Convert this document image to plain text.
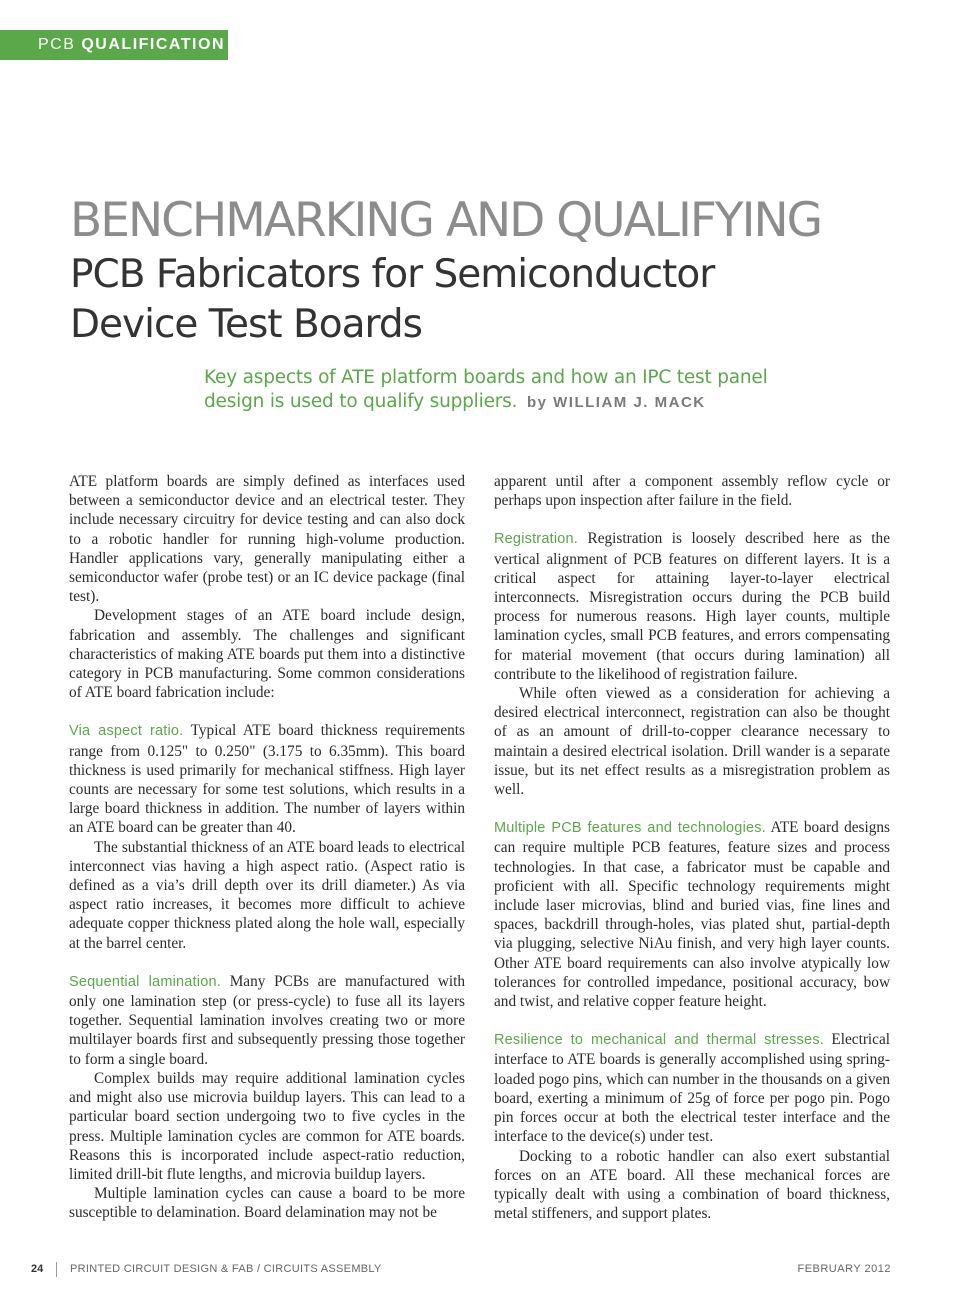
PCB QUALIFICATION
BENCHMARKING AND QUALIFYING
PCB Fabricators for Semiconductor Device Test Boards
Key aspects of ATE platform boards and how an IPC test panel design is used to qualify suppliers. by WILLIAM J. MACK

ATE platform boards are simply defined as interfaces used between a semiconductor device and an electrical tester. They include necessary circuitry for device testing and can also dock to a robotic handler for running high-volume production. Handler applications vary, generally manipulating either a semiconductor wafer (probe test) or an IC device package (final test).

Development stages of an ATE board include design, fabrication and assembly. The challenges and significant characteristics of making ATE boards put them into a distinctive category in PCB manufacturing. Some common considerations of ATE board fabrication include:

Via aspect ratio. Typical ATE board thickness requirements range from 0.125" to 0.250" (3.175 to 6.35mm). This board thickness is used primarily for mechanical stiffness. High layer counts are necessary for some test solutions, which results in a large board thickness in addition. The number of layers within an ATE board can be greater than 40.

The substantial thickness of an ATE board leads to electrical interconnect vias having a high aspect ratio. (Aspect ratio is defined as a via’s drill depth over its drill diameter.) As via aspect ratio increases, it becomes more difficult to achieve adequate copper thickness plated along the hole wall, especially at the barrel center.

Sequential lamination. Many PCBs are manufactured with only one lamination step (or press-cycle) to fuse all its layers together. Sequential lamination involves creating two or more multilayer boards first and subsequently pressing those together to form a single board.

Complex builds may require additional lamination cycles and might also use microvia buildup layers. This can lead to a particular board section undergoing two to five cycles in the press. Multiple lamination cycles are common for ATE boards. Reasons this is incorporated include aspect-ratio reduction, limited drill-bit flute lengths, and microvia buildup layers.

Multiple lamination cycles can cause a board to be more susceptible to delamination. Board delamination may not be

apparent until after a component assembly reflow cycle or perhaps upon inspection after failure in the field.

Registration. Registration is loosely described here as the vertical alignment of PCB features on different layers. It is a critical aspect for attaining layer-to-layer electrical interconnects. Misregistration occurs during the PCB build process for numerous reasons. High layer counts, multiple lamination cycles, small PCB features, and errors compensating for material movement (that occurs during lamination) all contribute to the likelihood of registration failure.

While often viewed as a consideration for achieving a desired electrical interconnect, registration can also be thought of as an amount of drill-to-copper clearance necessary to maintain a desired electrical isolation. Drill wander is a separate issue, but its net effect results as a misregistration problem as well.

Multiple PCB features and technologies. ATE board designs can require multiple PCB features, feature sizes and process technologies. In that case, a fabricator must be capable and proficient with all. Specific technology requirements might include laser microvias, blind and buried vias, fine lines and spaces, backdrill through-holes, vias plated shut, partial-depth via plugging, selective NiAu finish, and very high layer counts. Other ATE board requirements can also involve atypically low tolerances for controlled impedance, positional accuracy, bow and twist, and relative copper feature height.

Resilience to mechanical and thermal stresses. Electrical interface to ATE boards is generally accomplished using spring-loaded pogo pins, which can number in the thousands on a given board, exerting a minimum of 25g of force per pogo pin. Pogo pin forces occur at both the electrical tester interface and the interface to the device(s) under test.

Docking to a robotic handler can also exert substantial forces on an ATE board. All these mechanical forces are typically dealt with using a combination of board thickness, metal stiffeners, and support plates.

24 PRINTED CIRCUIT DESIGN & FAB / CIRCUITS ASSEMBLY	FEBRUARY 2012
